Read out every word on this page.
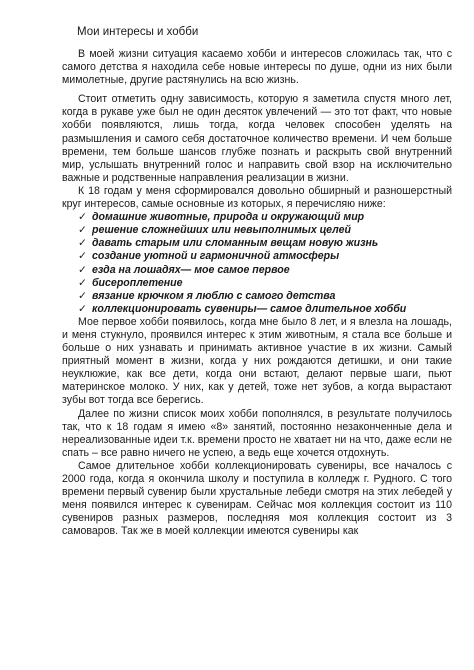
Мои интересы и хобби

В моей жизни ситуация касаемо хобби и интересов сложилась так, что с самого детства я находила себе новые интересы по душе, одни из них были мимолетные, другие растянулись на всю жизнь.

Стоит отметить одну зависимость, которую я заметила спустя много лет, когда в рукаве уже был не один десяток увлечений — это тот факт, что новые хобби появляются, лишь тогда, когда человек способен уделять на размышления и самого себя достаточное количество времени. И чем больше времени, тем больше шансов глубже познать и раскрыть свой внутренний мир, услышать внутренний голос и направить свой взор на исключительно важные и родственные направления реализации в жизни.

К 18 годам у меня сформировался довольно обширный и разношерстный круг интересов, самые основные из которых, я перечисляю ниже:

✓ домашние животные, природа и окружающий мир
✓ решение сложнейших или невыполнимых целей
✓ давать старым или сломанным вещам новую жизнь
✓ создание уютной и гармоничной атмосферы
✓ езда на лошадях— мое самое первое
✓ бисероплетение
✓ вязание крючком я люблю с самого детства
✓ коллекционировать сувениры— самое длительное хобби

Мое первое хобби появилось, когда мне было 8 лет, и я влезла на лошадь, и меня стукнуло, проявился интерес к этим животным, я стала все больше и больше о них узнавать и принимать активное участие в их жизни. Самый приятный момент в жизни, когда у них рождаются детишки, и они такие неуклюжие, как все дети, когда они встают, делают первые шаги, пьют материнское молоко. У них, как у детей, тоже нет зубов, а когда вырастают зубы вот тогда все берегись.

Далее по жизни список моих хобби пополнялся, в результате получилось так, что к 18 годам я имею «8» занятий, постоянно незаконченные дела и нереализованные идеи т.к. времени просто не хватает ни на что, даже если не спать – все равно ничего не успею, а ведь еще хочется отдохнуть.

Самое длительное хобби коллекционировать сувениры, все началось с 2000 года, когда я окончила школу и поступила в колледж г. Рудного. С того времени первый сувенир были хрустальные лебеди смотря на этих лебедей у меня появился интерес к сувенирам. Сейчас моя коллекция состоит из 110 сувениров разных размеров, последняя моя коллекция состоит из 3 самоваров. Так же в моей коллекции имеются сувениры как
